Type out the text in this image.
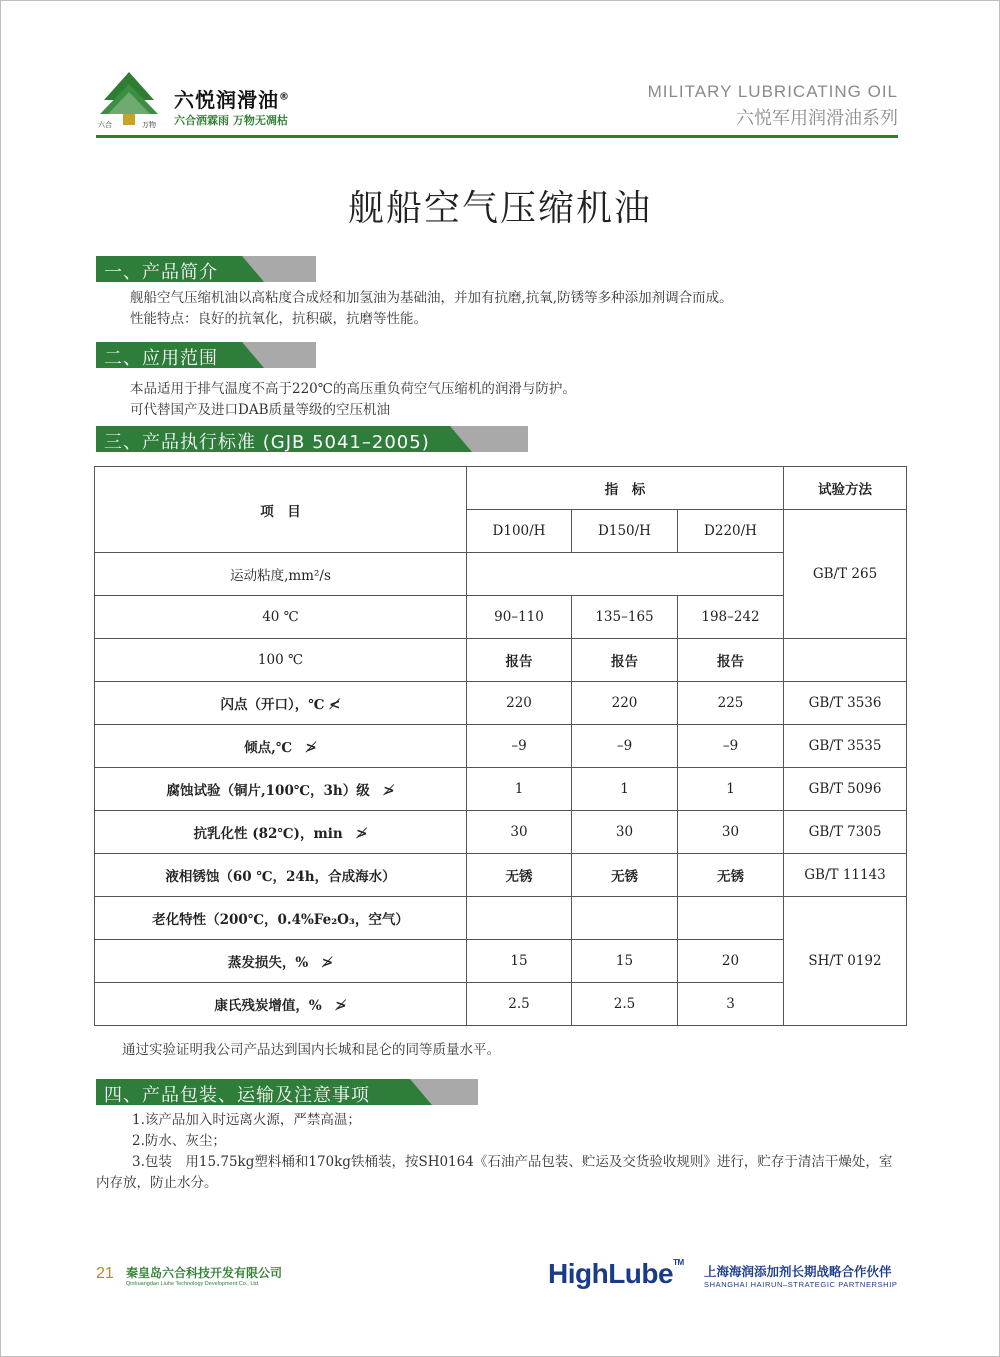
六合	万物
六悦润滑油®
六合洒霖雨 万物无凋枯
MILITARY LUBRICATING OIL
六悦军用润滑油系列
舰船空气压缩机油
一、产品简介
舰船空气压缩机油以高粘度合成烃和加氢油为基础油，并加有抗磨,抗氧,防锈等多种添加剂调合而成。
性能特点：良好的抗氧化，抗积碳，抗磨等性能。
二、应用范围
本品适用于排气温度不高于220℃的高压重负荷空气压缩机的润滑与防护。
可代替国产及进口DAB质量等级的空压机油
三、产品执行标准 (GJB 5041–2005)
项　目	指　标			试验方法
	D100/H	D150/H	D220/H	GB/T 265
运动粘度,mm²/s				
40 ℃	90–110	135–165	198–242	
100 ℃	报告	报告	报告	
闪点（开口），℃ ≮	220	220	225	GB/T 3536
倾点,℃　≯	–9	–9	–9	GB/T 3535
腐蚀试验（铜片,100℃，3h）级　≯	1	1	1	GB/T 5096
抗乳化性 (82℃)，min　≯	30	30	30	GB/T 7305
液相锈蚀（60 ℃，24h，合成海水）	无锈	无锈	无锈	GB/T 11143
老化特性（200℃，0.4%Fe₂O₃，空气）				SH/T 0192
蒸发损失，%　≯	15	15	20	
康氏残炭增值，%　≯	2.5	2.5	3	
通过实验证明我公司产品达到国内长城和昆仑的同等质量水平。
四、产品包装、运输及注意事项
1.该产品加入时远离火源，严禁高温；
2.防水、灰尘；
3.包装　用15.75kg塑料桶和170kg铁桶装，按SH0164《石油产品包装、贮运及交货验收规则》进行，贮存于清洁干燥处，室内存放，防止水分。
21 秦皇岛六合科技开发有限公司
Qinhuangdao Liuhe Technology Development Co., Ltd.	HighLube™
上海海润添加剂长期战略合作伙伴
SHANGHAI HAIRUN–STRATEGIC PARTNERSHIP
